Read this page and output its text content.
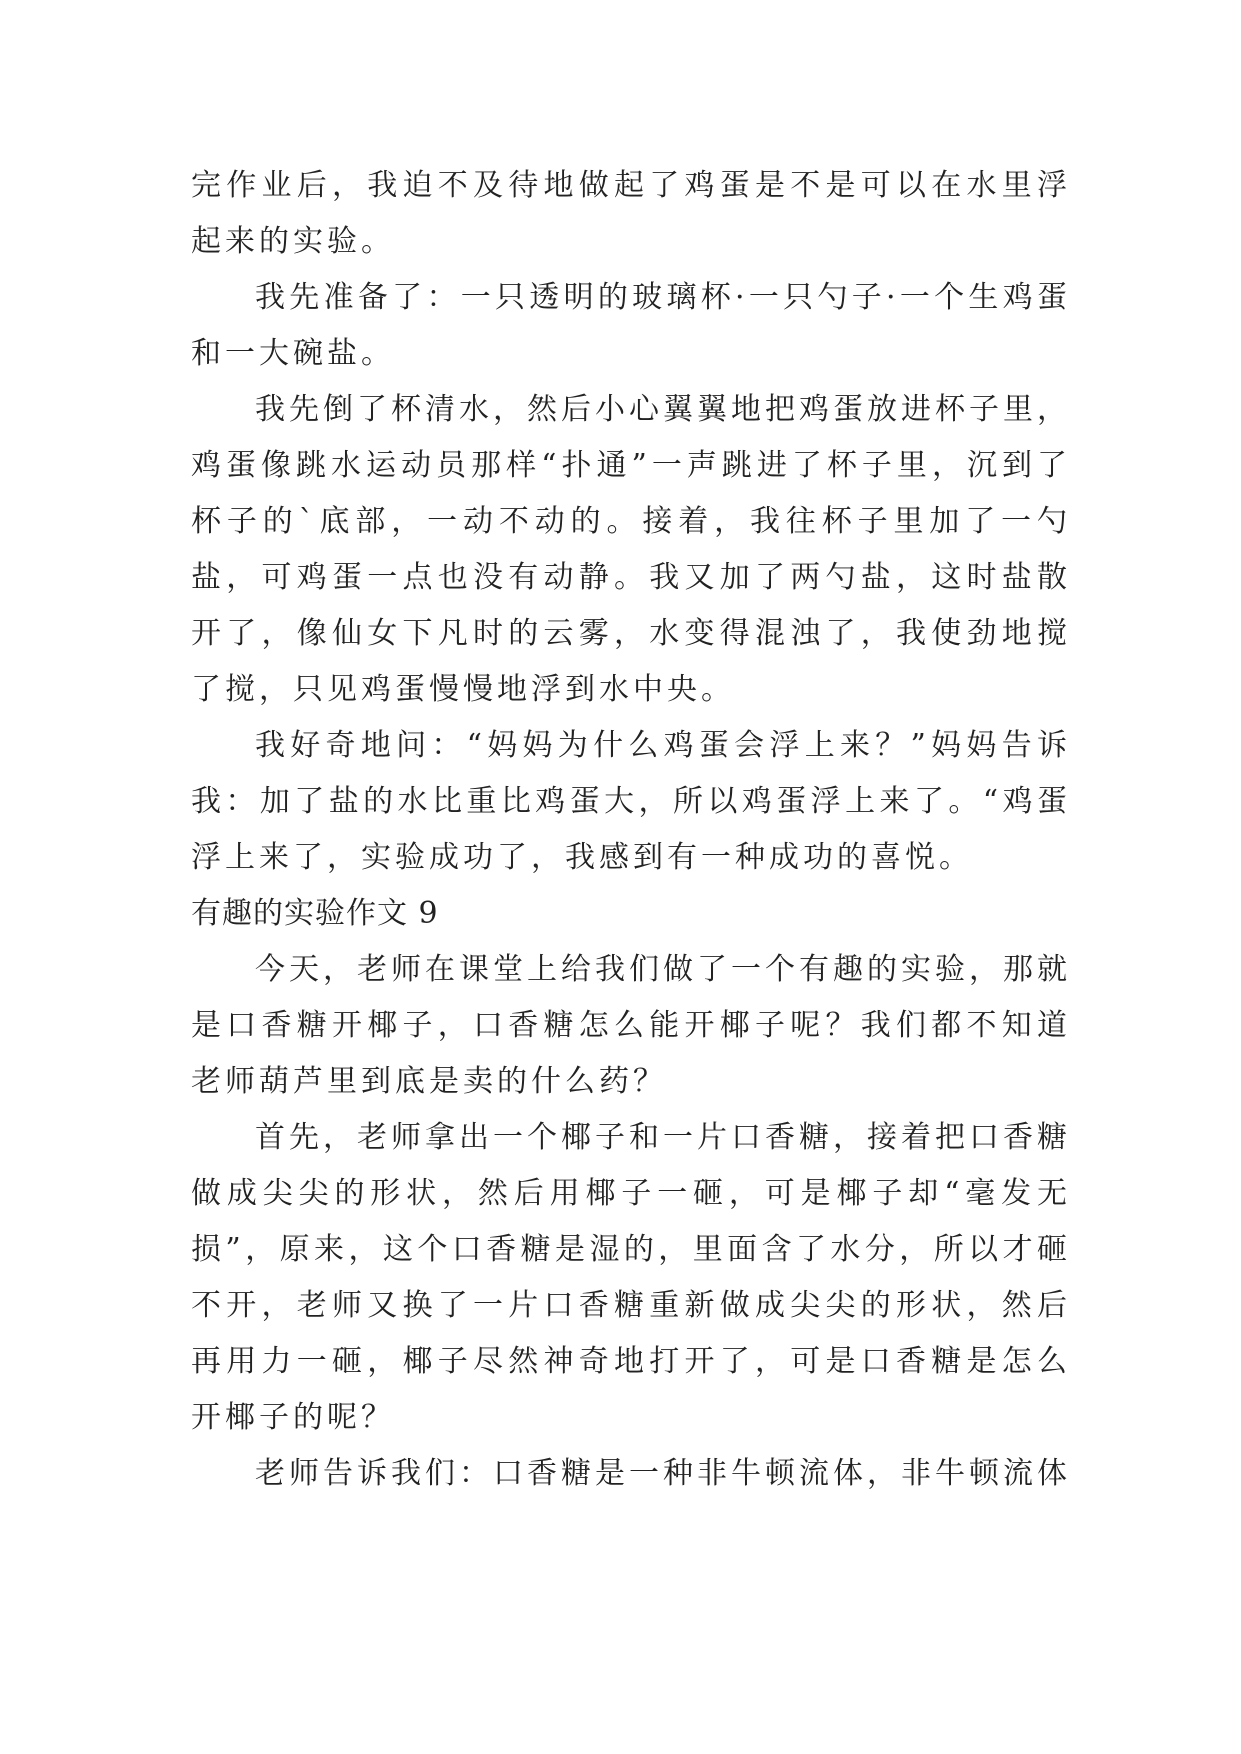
完作业后，我迫不及待地做起了鸡蛋是不是可以在水里浮起来的实验。

我先准备了：一只透明的玻璃杯·一只勺子·一个生鸡蛋和一大碗盐。

我先倒了杯清水，然后小心翼翼地把鸡蛋放进杯子里，鸡蛋像跳水运动员那样“扑通”一声跳进了杯子里，沉到了杯子的`底部，一动不动的。接着，我往杯子里加了一勺盐，可鸡蛋一点也没有动静。我又加了两勺盐，这时盐散开了，像仙女下凡时的云雾，水变得混浊了，我使劲地搅了搅，只见鸡蛋慢慢地浮到水中央。

我好奇地问：“妈妈为什么鸡蛋会浮上来？”妈妈告诉我：加了盐的水比重比鸡蛋大，所以鸡蛋浮上来了。“鸡蛋浮上来了，实验成功了，我感到有一种成功的喜悦。

有趣的实验作文 9

今天，老师在课堂上给我们做了一个有趣的实验，那就是口香糖开椰子，口香糖怎么能开椰子呢？我们都不知道老师葫芦里到底是卖的什么药？

首先，老师拿出一个椰子和一片口香糖，接着把口香糖做成尖尖的形状，然后用椰子一砸，可是椰子却“毫发无损”，原来，这个口香糖是湿的，里面含了水分，所以才砸不开，老师又换了一片口香糖重新做成尖尖的形状，然后再用力一砸，椰子尽然神奇地打开了，可是口香糖是怎么开椰子的呢？

老师告诉我们：口香糖是一种非牛顿流体，非牛顿流体
